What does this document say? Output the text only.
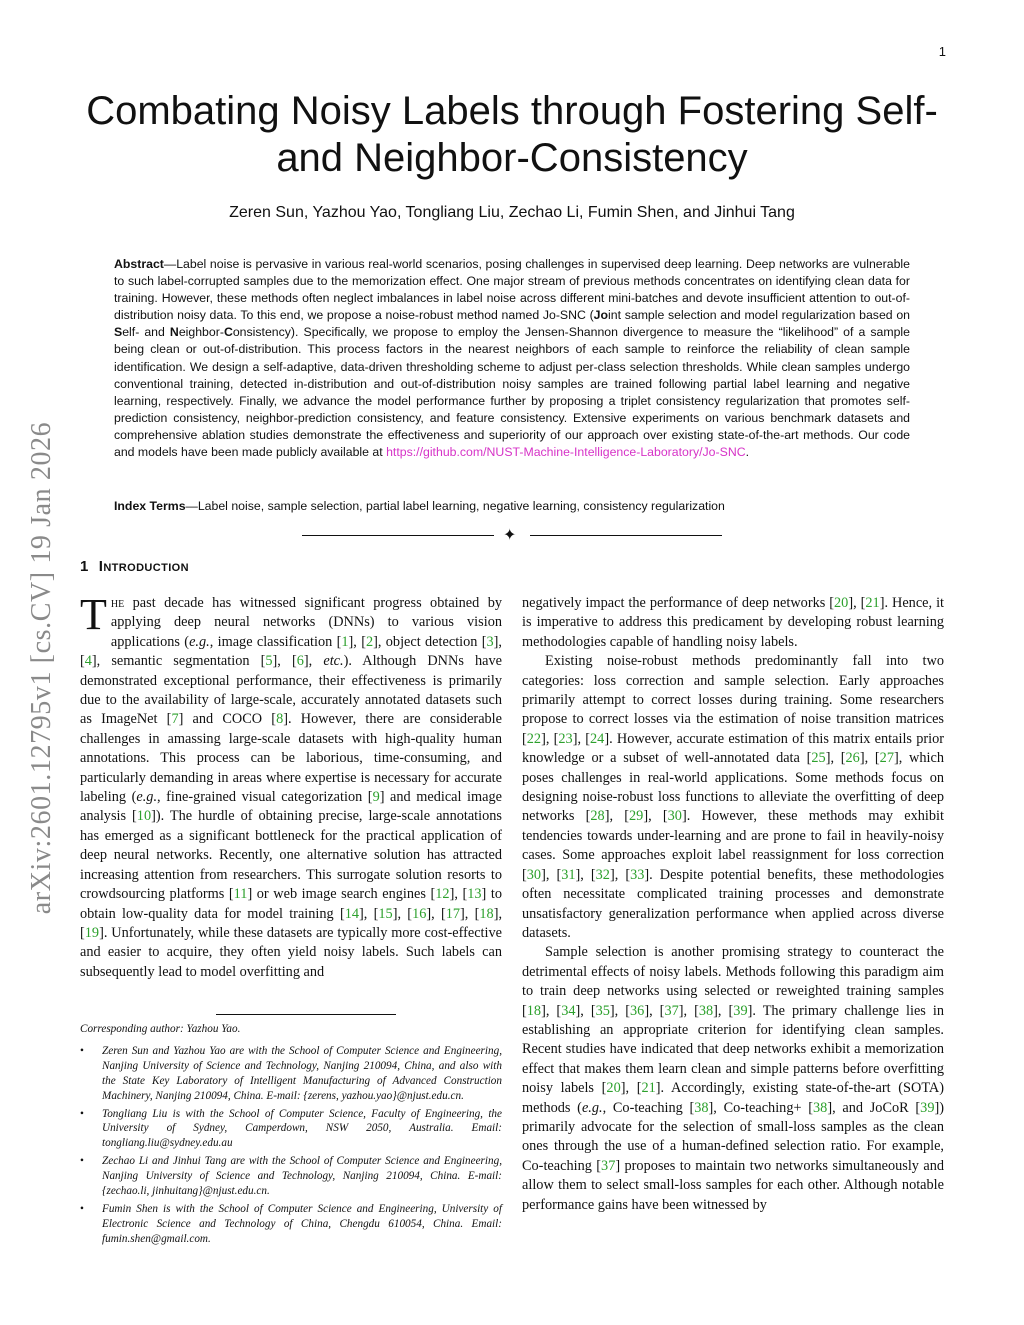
1
arXiv:2601.12795v1 [cs.CV] 19 Jan 2026
Combating Noisy Labels through Fostering Self- and Neighbor-Consistency
Zeren Sun, Yazhou Yao, Tongliang Liu, Zechao Li, Fumin Shen, and Jinhui Tang
Abstract—Label noise is pervasive in various real-world scenarios, posing challenges in supervised deep learning. Deep networks are vulnerable to such label-corrupted samples due to the memorization effect. One major stream of previous methods concentrates on identifying clean data for training. However, these methods often neglect imbalances in label noise across different mini-batches and devote insufficient attention to out-of-distribution noisy data. To this end, we propose a noise-robust method named Jo-SNC (Joint sample selection and model regularization based on Self- and Neighbor-Consistency). Specifically, we propose to employ the Jensen-Shannon divergence to measure the “likelihood” of a sample being clean or out-of-distribution. This process factors in the nearest neighbors of each sample to reinforce the reliability of clean sample identification. We design a self-adaptive, data-driven thresholding scheme to adjust per-class selection thresholds. While clean samples undergo conventional training, detected in-distribution and out-of-distribution noisy samples are trained following partial label learning and negative learning, respectively. Finally, we advance the model performance further by proposing a triplet consistency regularization that promotes self-prediction consistency, neighbor-prediction consistency, and feature consistency. Extensive experiments on various benchmark datasets and comprehensive ablation studies demonstrate the effectiveness and superiority of our approach over existing state-of-the-art methods. Our code and models have been made publicly available at https://github.com/NUST-Machine-Intelligence-Laboratory/Jo-SNC.
Index Terms—Label noise, sample selection, partial label learning, negative learning, consistency regularization
✦
1 Introduction

The past decade has witnessed significant progress obtained by applying deep neural networks (DNNs) to various vision applications (e.g., image classification [1], [2], object detection [3], [4], semantic segmentation [5], [6], etc.). Although DNNs have demonstrated exceptional performance, their effectiveness is primarily due to the availability of large-scale, accurately annotated datasets such as ImageNet [7] and COCO [8]. However, there are considerable challenges in amassing large-scale datasets with high-quality human annotations. This process can be laborious, time-consuming, and particularly demanding in areas where expertise is necessary for accurate labeling (e.g., fine-grained visual categorization [9] and medical image analysis [10]). The hurdle of obtaining precise, large-scale annotations has emerged as a significant bottleneck for the practical application of deep neural networks. Recently, one alternative solution has attracted increasing attention from researchers. This surrogate solution resorts to crowdsourcing platforms [11] or web image search engines [12], [13] to obtain low-quality data for model training [14], [15], [16], [17], [18], [19]. Unfortunately, while these datasets are typically more cost-effective and easier to acquire, they often yield noisy labels. Such labels can subsequently lead to model overfitting and

Corresponding author: Yazhou Yao.
•	Zeren Sun and Yazhou Yao are with the School of Computer Science and Engineering, Nanjing University of Science and Technology, Nanjing 210094, China, and also with the State Key Laboratory of Intelligent Manufacturing of Advanced Construction Machinery, Nanjing 210094, China. E-mail: {zerens, yazhou.yao}@njust.edu.cn.
•	Tongliang Liu is with the School of Computer Science, Faculty of Engineering, the University of Sydney, Camperdown, NSW 2050, Australia. Email: tongliang.liu@sydney.edu.au
•	Zechao Li and Jinhui Tang are with the School of Computer Science and Engineering, Nanjing University of Science and Technology, Nanjing 210094, China. E-mail: {zechao.li, jinhuitang}@njust.edu.cn.
•	Fumin Shen is with the School of Computer Science and Engineering, University of Electronic Science and Technology of China, Chengdu 610054, China. Email: fumin.shen@gmail.com.

negatively impact the performance of deep networks [20], [21]. Hence, it is imperative to address this predicament by developing robust learning methodologies capable of handling noisy labels.

Existing noise-robust methods predominantly fall into two categories: loss correction and sample selection. Early approaches primarily attempt to correct losses during training. Some researchers propose to correct losses via the estimation of noise transition matrices [22], [23], [24]. However, accurate estimation of this matrix entails prior knowledge or a subset of well-annotated data [25], [26], [27], which poses challenges in real-world applications. Some methods focus on designing noise-robust loss functions to alleviate the overfitting of deep networks [28], [29], [30]. However, these methods may exhibit tendencies towards under-learning and are prone to fail in heavily-noisy cases. Some approaches exploit label reassignment for loss correction [30], [31], [32], [33]. Despite potential benefits, these methodologies often necessitate complicated training processes and demonstrate unsatisfactory generalization performance when applied across diverse datasets.

Sample selection is another promising strategy to counteract the detrimental effects of noisy labels. Methods following this paradigm aim to train deep networks using selected or reweighted training samples [18], [34], [35], [36], [37], [38], [39]. The primary challenge lies in establishing an appropriate criterion for identifying clean samples. Recent studies have indicated that deep networks exhibit a memorization effect that makes them learn clean and simple patterns before overfitting noisy labels [20], [21]. Accordingly, existing state-of-the-art (SOTA) methods (e.g., Co-teaching [38], Co-teaching+ [38], and JoCoR [39]) primarily advocate for the selection of small-loss samples as the clean ones through the use of a human-defined selection ratio. For example, Co-teaching [37] proposes to maintain two networks simultaneously and allow them to select small-loss samples for each other. Although notable performance gains have been witnessed by
